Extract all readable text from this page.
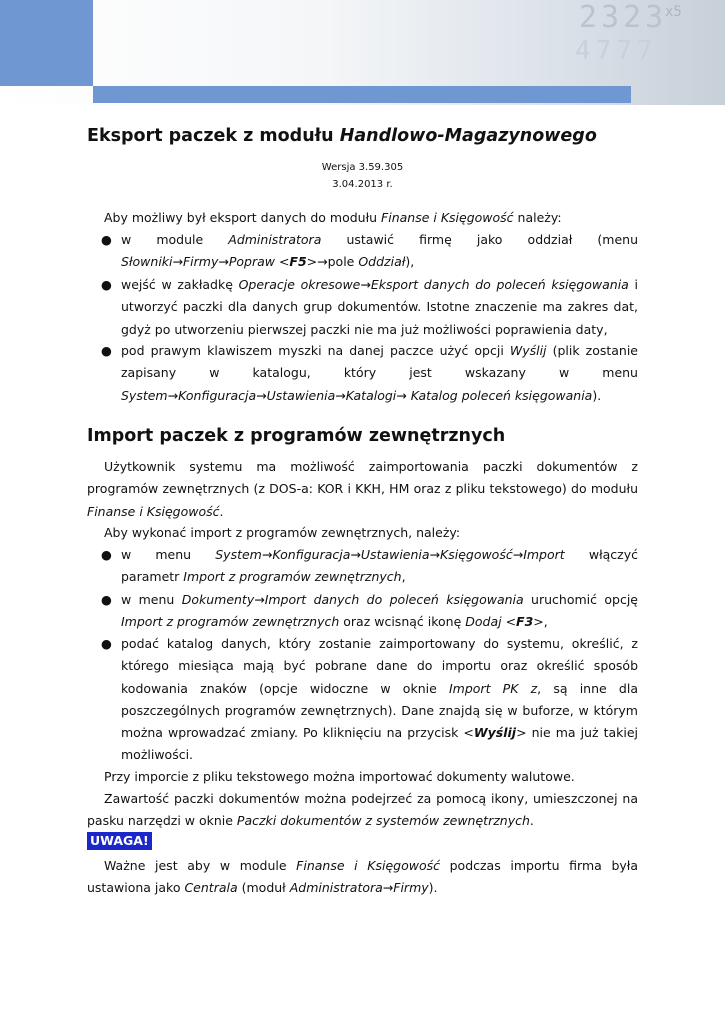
2323
4777
x5
Eksport paczek z modułu Handlowo-Magazynowego
Wersja 3.59.305
3.04.2013 r.
Aby możliwy był eksport danych do modułu Finanse i Księgowość należy:
● w module Administratora ustawić firmę jako oddział (menu Słowniki→Firmy→Popraw <F5>→pole Oddział),
● wejść w zakładkę Operacje okresowe→Eksport danych do poleceń księgowania i utworzyć paczki dla danych grup dokumentów. Istotne znaczenie ma zakres dat, gdyż po utworzeniu pierwszej paczki nie ma już możliwości poprawienia daty,
● pod prawym klawiszem myszki na danej paczce użyć opcji Wyślij (plik zostanie zapisany w katalogu, który jest wskazany w menu System→Konfiguracja→Ustawienia→Katalogi→ Katalog poleceń księgowania).
Import paczek z programów zewnętrznych
Użytkownik systemu ma możliwość zaimportowania paczki dokumentów z programów zewnętrznych (z DOS-a: KOR i KKH, HM oraz z pliku tekstowego) do modułu Finanse i Księgowość.
Aby wykonać import z programów zewnętrznych, należy:
● w menu System→Konfiguracja→Ustawienia→Księgowość→Import włączyć parametr Import z programów zewnętrznych,
● w menu Dokumenty→Import danych do poleceń księgowania uruchomić opcję Import z programów zewnętrznych oraz wcisnąć ikonę Dodaj <F3>,
● podać katalog danych, który zostanie zaimportowany do systemu, określić, z którego miesiąca mają być pobrane dane do importu oraz określić sposób kodowania znaków (opcje widoczne w oknie Import PK z, są inne dla poszczególnych programów zewnętrznych). Dane znajdą się w buforze, w którym można wprowadzać zmiany. Po kliknięciu na przycisk <Wyślij> nie ma już takiej możliwości.
Przy imporcie z pliku tekstowego można importować dokumenty walutowe.
Zawartość paczki dokumentów można podejrzeć za pomocą ikony, umieszczonej na pasku narzędzi w oknie Paczki dokumentów z systemów zewnętrznych.
UWAGA!
Ważne jest aby w module Finanse i Księgowość podczas importu firma była ustawiona jako Centrala (moduł Administratora→Firmy).
